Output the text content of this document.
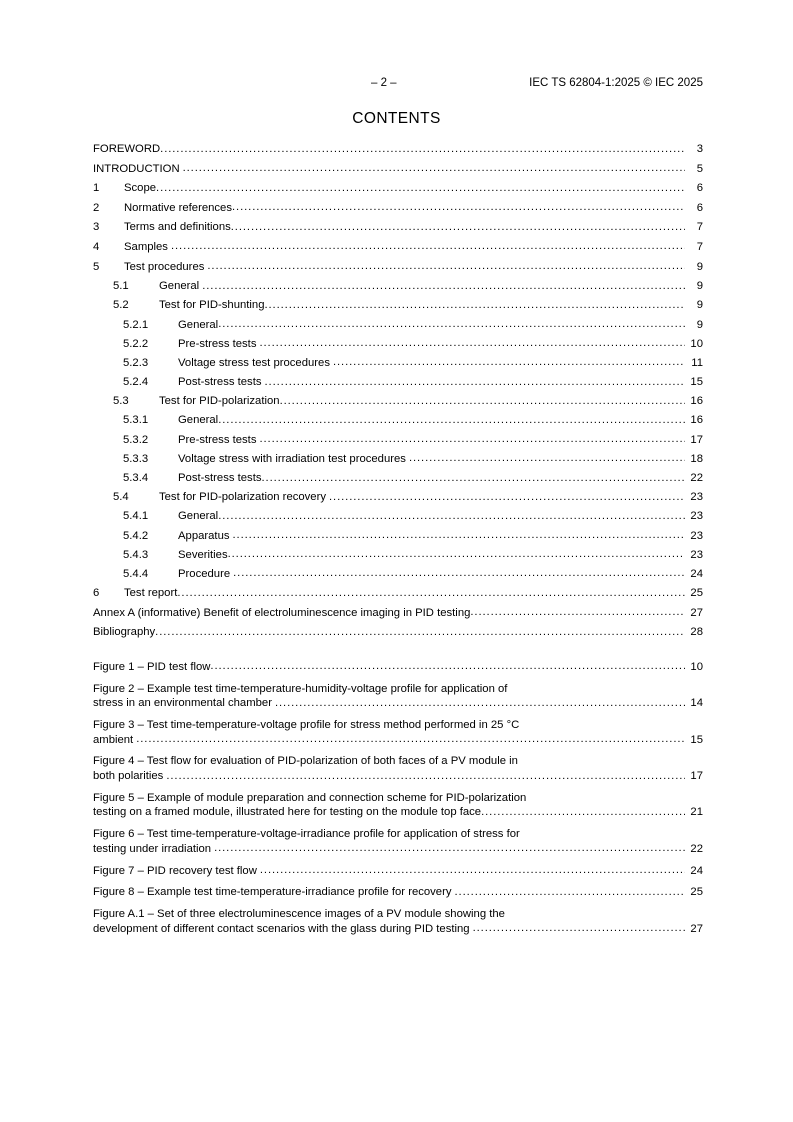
– 2 –	IEC TS 62804-1:2025 © IEC 2025
CONTENTS
FOREWORD .....	3
INTRODUCTION .....	5
1	Scope .....	6
2	Normative references .....	6
3	Terms and definitions .....	7
4	Samples .....	7
5	Test procedures .....	9
5.1	General .....	9
5.2	Test for PID-shunting .....	9
5.2.1	General .....	9
5.2.2	Pre-stress tests .....	10
5.2.3	Voltage stress test procedures .....	11
5.2.4	Post-stress tests .....	15
5.3	Test for PID-polarization .....	16
5.3.1	General .....	16
5.3.2	Pre-stress tests .....	17
5.3.3	Voltage stress with irradiation test procedures .....	18
5.3.4	Post-stress tests .....	22
5.4	Test for PID-polarization recovery .....	23
5.4.1	General .....	23
5.4.2	Apparatus .....	23
5.4.3	Severities .....	23
5.4.4	Procedure .....	24
6	Test report .....	25
Annex A (informative) Benefit of electroluminescence imaging in PID testing .....	27
Bibliography .....	28
Figure 1 – PID test flow .....	10
Figure 2 – Example test time-temperature-humidity-voltage profile for application of
stress in an environmental chamber .....	14
Figure 3 – Test time-temperature-voltage profile for stress method performed in 25 °C
ambient .....	15
Figure 4 – Test flow for evaluation of PID-polarization of both faces of a PV module in
both polarities .....	17
Figure 5 – Example of module preparation and connection scheme for PID-polarization
testing on a framed module, illustrated here for testing on the module top face .....	21
Figure 6 – Test time-temperature-voltage-irradiance profile for application of stress for
testing under irradiation .....	22
Figure 7 – PID recovery test flow .....	24
Figure 8 – Example test time-temperature-irradiance profile for recovery .....	25
Figure A.1 – Set of three electroluminescence images of a PV module showing the
development of different contact scenarios with the glass during PID testing .....	27
